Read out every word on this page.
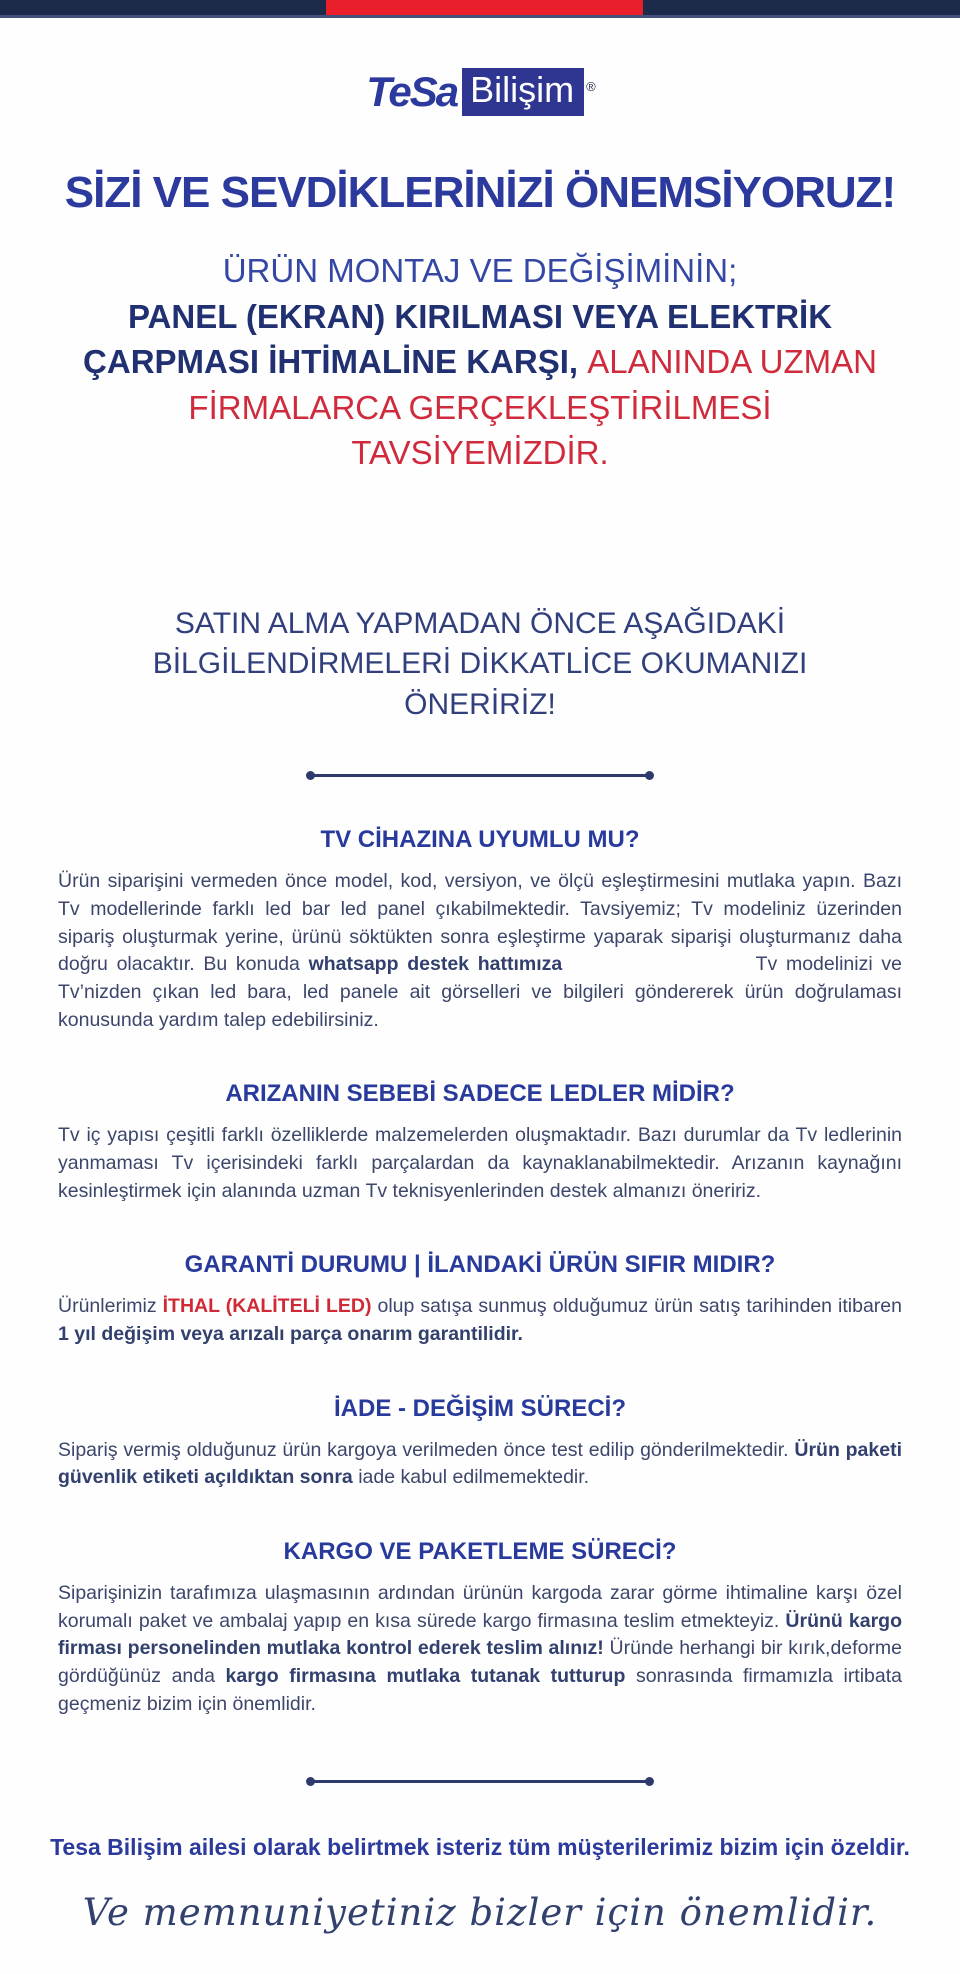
TeSa Bilişim ®
SİZİ VE SEVDİKLERİNİZİ ÖNEMSİYORUZ!
ÜRÜN MONTAJ VE DEĞİŞİMİNİN;
PANEL (EKRAN) KIRILMASI VEYA ELEKTRİK ÇARPMASI İHTİMALİNE KARŞI, ALANINDA UZMAN FİRMALARCA GERÇEKLEŞTİRİLMESİ TAVSİYEMİZDİR.
SATIN ALMA YAPMADAN ÖNCE AŞAĞIDAKİ BİLGİLENDİRMELERİ DİKKATLİCE OKUMANIZI ÖNERİRİZ!
TV CİHAZINA UYUMLU MU?

Ürün siparişini vermeden önce model, kod, versiyon, ve ölçü eşleştirmesini mutlaka yapın. Bazı Tv modellerinde farklı led bar led panel çıkabilmektedir. Tavsiyemiz; Tv modeliniz üzerinden sipariş oluşturmak yerine, ürünü söktükten sonra eşleştirme yaparak siparişi oluşturmanız daha doğru olacaktır. Bu konuda whatsapp destek hattımıza	Tv modelinizi ve Tv’nizden çıkan led bara, led panele ait görselleri ve bilgileri göndererek ürün doğrulaması konusunda yardım talep edebilirsiniz.

ARIZANIN SEBEBİ SADECE LEDLER MİDİR?

Tv iç yapısı çeşitli farklı özelliklerde malzemelerden oluşmaktadır. Bazı durumlar da Tv ledlerinin yanmaması Tv içerisindeki farklı parçalardan da kaynaklanabilmektedir. Arızanın kaynağını kesinleştirmek için alanında uzman Tv teknisyenlerinden destek almanızı öneririz.

GARANTİ DURUMU | İLANDAKİ ÜRÜN SIFIR MIDIR?

Ürünlerimiz İTHAL (KALİTELİ LED) olup satışa sunmuş olduğumuz ürün satış tarihinden itibaren 1 yıl değişim veya arızalı parça onarım garantilidir.

İADE - DEĞİŞİM SÜRECİ?

Sipariş vermiş olduğunuz ürün kargoya verilmeden önce test edilip gönderilmektedir. Ürün paketi güvenlik etiketi açıldıktan sonra iade kabul edilmemektedir.

KARGO VE PAKETLEME SÜRECİ?

Siparişinizin tarafımıza ulaşmasının ardından ürünün kargoda zarar görme ihtimaline karşı özel korumalı paket ve ambalaj yapıp en kısa sürede kargo firmasına teslim etmekteyiz. Ürünü kargo firması personelinden mutlaka kontrol ederek teslim alınız! Üründe herhangi bir kırık,deforme gördüğünüz anda kargo firmasına mutlaka tutanak tutturup sonrasında firmamızla irtibata geçmeniz bizim için önemlidir.

Tesa Bilişim ailesi olarak belirtmek isteriz tüm müşterilerimiz bizim için özeldir.
Ve memnuniyetiniz bizler için önemlidir.
